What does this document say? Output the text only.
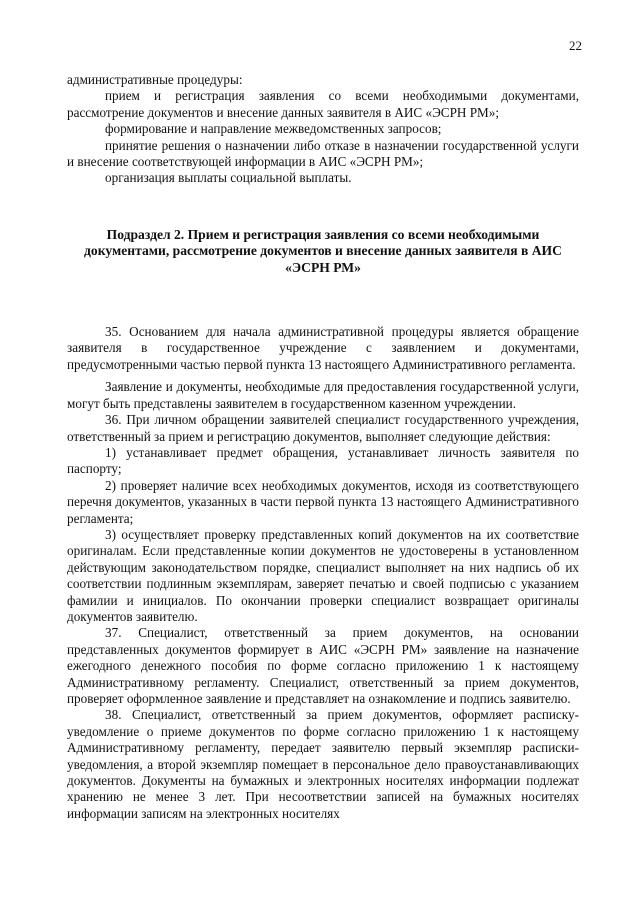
22

административные процедуры:

прием и регистрация заявления со всеми необходимыми документами, рассмотрение документов и внесение данных заявителя в АИС «ЭСРН РМ»;

формирование и направление межведомственных запросов;

принятие решения о назначении либо отказе в назначении государственной услуги и внесение соответствующей информации в АИС «ЭСРН РМ»;

организация выплаты социальной выплаты.

Подраздел 2. Прием и регистрация заявления со всеми необходимыми
документами, рассмотрение документов и внесение данных заявителя в АИС
«ЭСРН РМ»

35. Основанием для начала административной процедуры является обращение заявителя в государственное учреждение с заявлением и документами, предусмотренными частью первой пункта 13 настоящего Административного регламента.

Заявление и документы, необходимые для предоставления государственной услуги, могут быть представлены заявителем в государственном казенном учреждении.

36. При личном обращении заявителей специалист государственного учреждения, ответственный за прием и регистрацию документов, выполняет следующие действия:

1) устанавливает предмет обращения, устанавливает личность заявителя по паспорту;

2) проверяет наличие всех необходимых документов, исходя из соответствующего перечня документов, указанных в части первой пункта 13 настоящего Административного регламента;

3) осуществляет проверку представленных копий документов на их соответствие оригиналам. Если представленные копии документов не удостоверены в установленном действующим законодательством порядке, специалист выполняет на них надпись об их соответствии подлинным экземплярам, заверяет печатью и своей подписью с указанием фамилии и инициалов. По окончании проверки специалист возвращает оригиналы документов заявителю.

37. Специалист, ответственный за прием документов, на основании представленных документов формирует в АИС «ЭСРН РМ» заявление на назначение ежегодного денежного пособия по форме согласно приложению 1 к настоящему Административному регламенту. Специалист, ответственный за прием документов, проверяет оформленное заявление и представляет на ознакомление и подпись заявителю.

38. Специалист, ответственный за прием документов, оформляет расписку-уведомление о приеме документов по форме согласно приложению 1 к настоящему Административному регламенту, передает заявителю первый экземпляр расписки-уведомления, а второй экземпляр помещает в персональное дело правоустанавливающих документов. Документы на бумажных и электронных носителях информации подлежат хранению не менее 3 лет. При несоответствии записей на бумажных носителях информации записям на электронных носителях
